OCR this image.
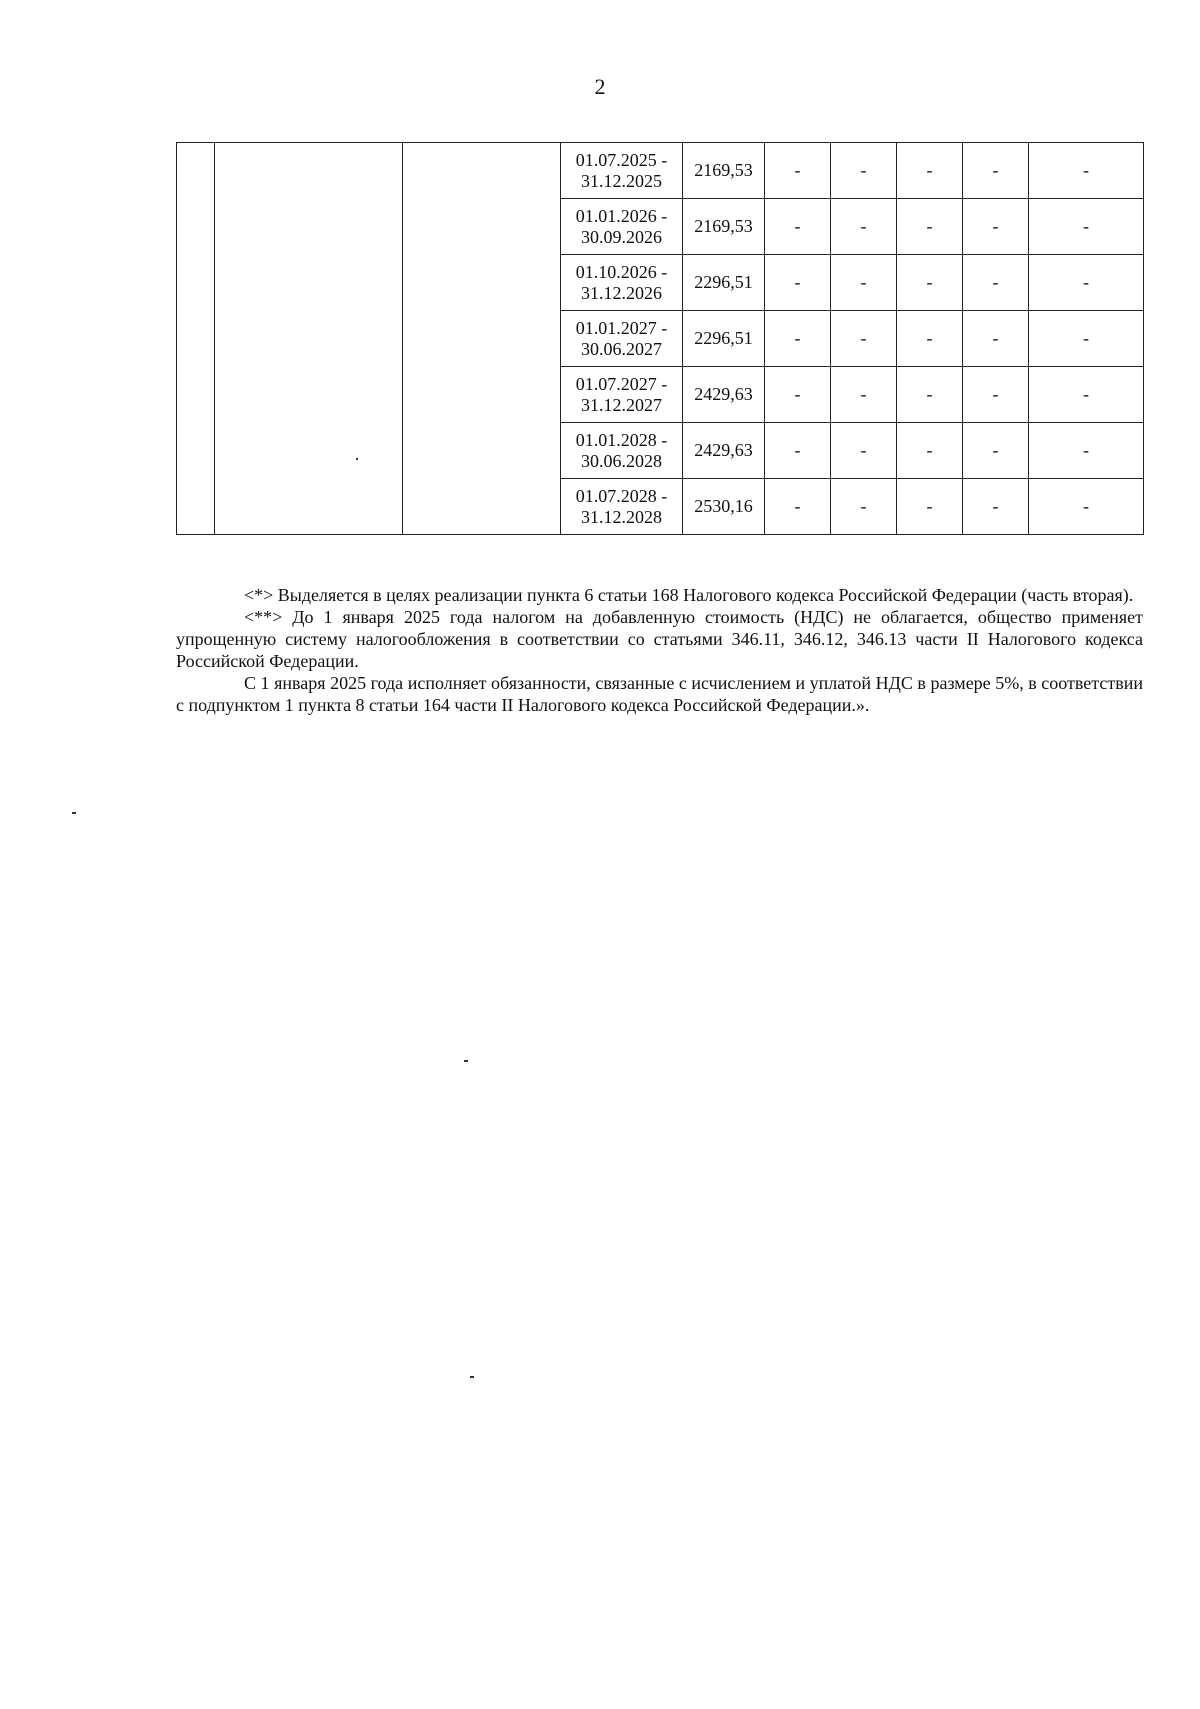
2

			01.07.2025 -
31.12.2025	2169,53	-	-	-	-	-

			01.01.2026 -
30.09.2026	2169,53	-	-	-	-	-

			01.10.2026 -
31.12.2026	2296,51	-	-	-	-	-

			01.01.2027 -
30.06.2027	2296,51	-	-	-	-	-

			01.07.2027 -
31.12.2027	2429,63	-	-	-	-	-

			01.01.2028 -
30.06.2028	2429,63	-	-	-	-	-

			01.07.2028 -
31.12.2028	2530,16	-	-	-	-	-

<*> Выделяется в целях реализации пункта 6 статьи 168 Налогового кодекса Российской Федерации (часть вторая).

<**> До 1 января 2025 года налогом на добавленную стоимость (НДС) не облагается, общество применяет упрощенную систему налогообложения в соответствии со статьями 346.11, 346.12, 346.13 части II Налогового кодекса Российской Федерации.

С 1 января 2025 года исполняет обязанности, связанные с исчислением и уплатой НДС в размере 5%, в соответствии с подпунктом 1 пункта 8 статьи 164 части II Налогового кодекса Российской Федерации.».
